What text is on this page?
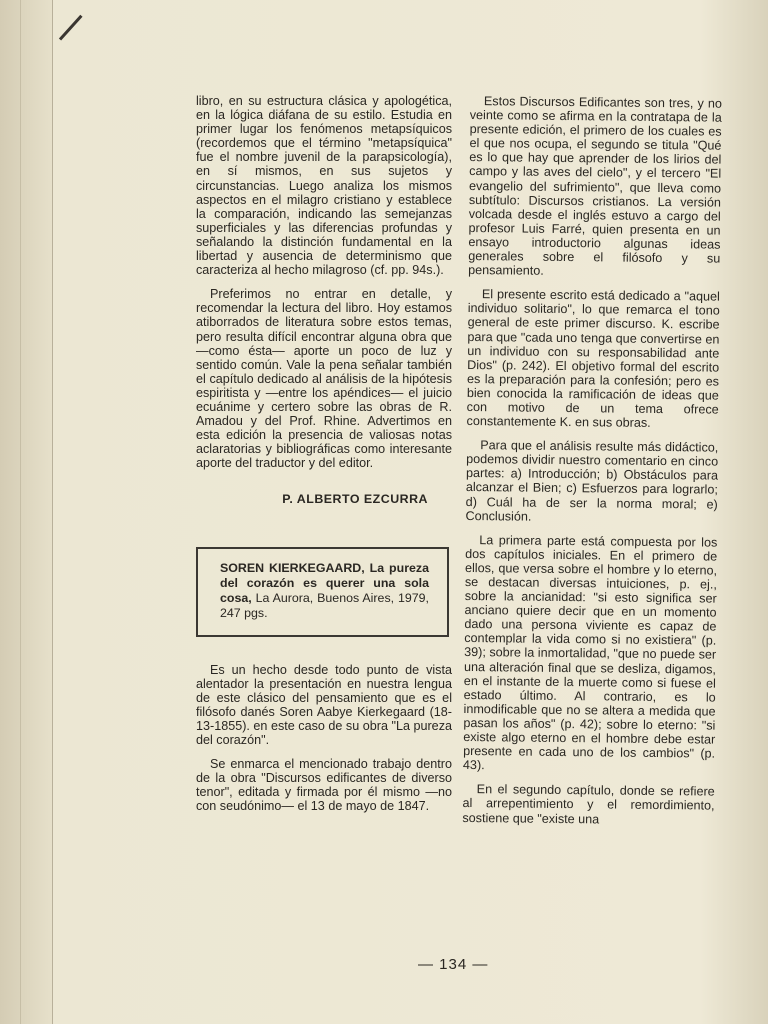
libro, en su estructura clásica y apologética, en la lógica diáfana de su estilo. Estudia en primer lugar los fenómenos metapsíquicos (recordemos que el término "metapsíquica" fue el nombre juvenil de la parapsicología), en sí mismos, en sus sujetos y circunstancias. Luego analiza los mismos aspectos en el milagro cristiano y establece la comparación, indicando las semejanzas superficiales y las diferencias profundas y señalando la distinción fundamental en la libertad y ausencia de determinismo que caracteriza al hecho milagroso (cf. pp. 94s.).

Preferimos no entrar en detalle, y recomendar la lectura del libro. Hoy estamos atiborrados de literatura sobre estos temas, pero resulta difícil encontrar alguna obra que —como ésta— aporte un poco de luz y sentido común. Vale la pena señalar también el capítulo dedicado al análisis de la hipótesis espiritista y —entre los apéndices— el juicio ecuánime y certero sobre las obras de R. Amadou y del Prof. Rhine. Advertimos en esta edición la presencia de valiosas notas aclaratorias y bibliográficas como interesante aporte del traductor y del editor.

P. ALBERTO EZCURRA
SOREN KIERKEGAARD, La pureza del corazón es querer una sola cosa, La Aurora, Buenos Aires, 1979, 247 pgs.

Es un hecho desde todo punto de vista alentador la presentación en nuestra lengua de este clásico del pensamiento que es el filósofo danés Soren Aabye Kierkegaard (18-13-1855). en este caso de su obra "La pureza del corazón".

Se enmarca el mencionado trabajo dentro de la obra "Discursos edificantes de diverso tenor", editada y firmada por él mismo —no con seudónimo— el 13 de mayo de 1847.

Estos Discursos Edificantes son tres, y no veinte como se afirma en la contratapa de la presente edición, el primero de los cuales es el que nos ocupa, el segundo se titula "Qué es lo que hay que aprender de los lirios del campo y las aves del cielo", y el tercero "El evangelio del sufrimiento", que lleva como subtítulo: Discursos cristianos. La versión volcada desde el inglés estuvo a cargo del profesor Luis Farré, quien presenta en un ensayo introductorio algunas ideas generales sobre el filósofo y su pensamiento.

El presente escrito está dedicado a "aquel individuo solitario", lo que remarca el tono general de este primer discurso. K. escribe para que "cada uno tenga que convertirse en un individuo con su responsabilidad ante Dios" (p. 242). El objetivo formal del escrito es la preparación para la confesión; pero es bien conocida la ramificación de ideas que con motivo de un tema ofrece constantemente K. en sus obras.

Para que el análisis resulte más didáctico, podemos dividir nuestro comentario en cinco partes: a) Introducción; b) Obstáculos para alcanzar el Bien; c) Esfuerzos para lograrlo; d) Cuál ha de ser la norma moral; e) Conclusión.

La primera parte está compuesta por los dos capítulos iniciales. En el primero de ellos, que versa sobre el hombre y lo eterno, se destacan diversas intuiciones, p. ej., sobre la ancianidad: "si esto significa ser anciano quiere decir que en un momento dado una persona viviente es capaz de contemplar la vida como si no existiera" (p. 39); sobre la inmortalidad, "que no puede ser una alteración final que se desliza, digamos, en el instante de la muerte como si fuese el estado último. Al contrario, es lo inmodificable que no se altera a medida que pasan los años" (p. 42); sobre lo eterno: "si existe algo eterno en el hombre debe estar presente en cada uno de los cambios" (p. 43).

En el segundo capítulo, donde se refiere al arrepentimiento y el remordimiento, sostiene que "existe una

— 134 —
